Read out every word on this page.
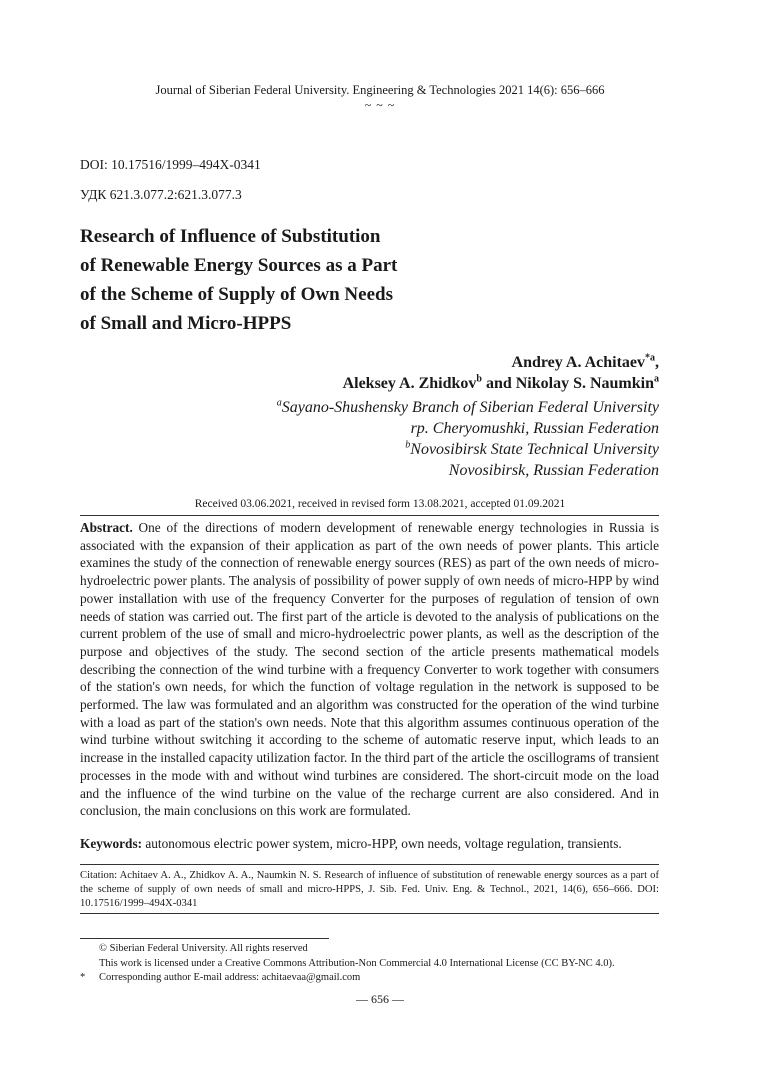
Journal of Siberian Federal University. Engineering & Technologies 2021 14(6): 656–666
~ ~ ~
DOI: 10.17516/1999–494X-0341
УДК 621.3.077.2:621.3.077.3
Research of Influence of Substitution
of Renewable Energy Sources as a Part
of the Scheme of Supply of Own Needs
of Small and Micro-HPPS
Andrey A. Achitaev$^{*a}$,
Aleksey A. Zhidkov$^b$ and Nikolay S. Naumkin$^a$
$^a$Sayano-Shushensky Branch of Siberian Federal University
rp. Cheryomushki, Russian Federation
$^b$Novosibirsk State Technical University
Novosibirsk, Russian Federation
Received 03.06.2021, received in revised form 13.08.2021, accepted 01.09.2021
Abstract. One of the directions of modern development of renewable energy technologies in Russia is associated with the expansion of their application as part of the own needs of power plants. This article examines the study of the connection of renewable energy sources (RES) as part of the own needs of micro-hydroelectric power plants. The analysis of possibility of power supply of own needs of micro-HPP by wind power installation with use of the frequency Converter for the purposes of regulation of tension of own needs of station was carried out. The first part of the article is devoted to the analysis of publications on the current problem of the use of small and micro-hydroelectric power plants, as well as the description of the purpose and objectives of the study. The second section of the article presents mathematical models describing the connection of the wind turbine with a frequency Converter to work together with consumers of the station's own needs, for which the function of voltage regulation in the network is supposed to be performed. The law was formulated and an algorithm was constructed for the operation of the wind turbine with a load as part of the station's own needs. Note that this algorithm assumes continuous operation of the wind turbine without switching it according to the scheme of automatic reserve input, which leads to an increase in the installed capacity utilization factor. In the third part of the article the oscillograms of transient processes in the mode with and without wind turbines are considered. The short-circuit mode on the load and the influence of the wind turbine on the value of the recharge current are also considered. And in conclusion, the main conclusions on this work are formulated.
Keywords: autonomous electric power system, micro-HPP, own needs, voltage regulation, transients.
Citation: Achitaev A. A., Zhidkov A. A., Naumkin N. S. Research of influence of substitution of renewable energy sources as a part of the scheme of supply of own needs of small and micro-HPPS, J. Sib. Fed. Univ. Eng. & Technol., 2021, 14(6), 656–666. DOI: 10.17516/1999–494X-0341
© Siberian Federal University. All rights reserved
This work is licensed under a Creative Commons Attribution-Non Commercial 4.0 International License (CC BY-NC 4.0).
* Corresponding author E-mail address: achitaevaa@gmail.com
— 656 —
